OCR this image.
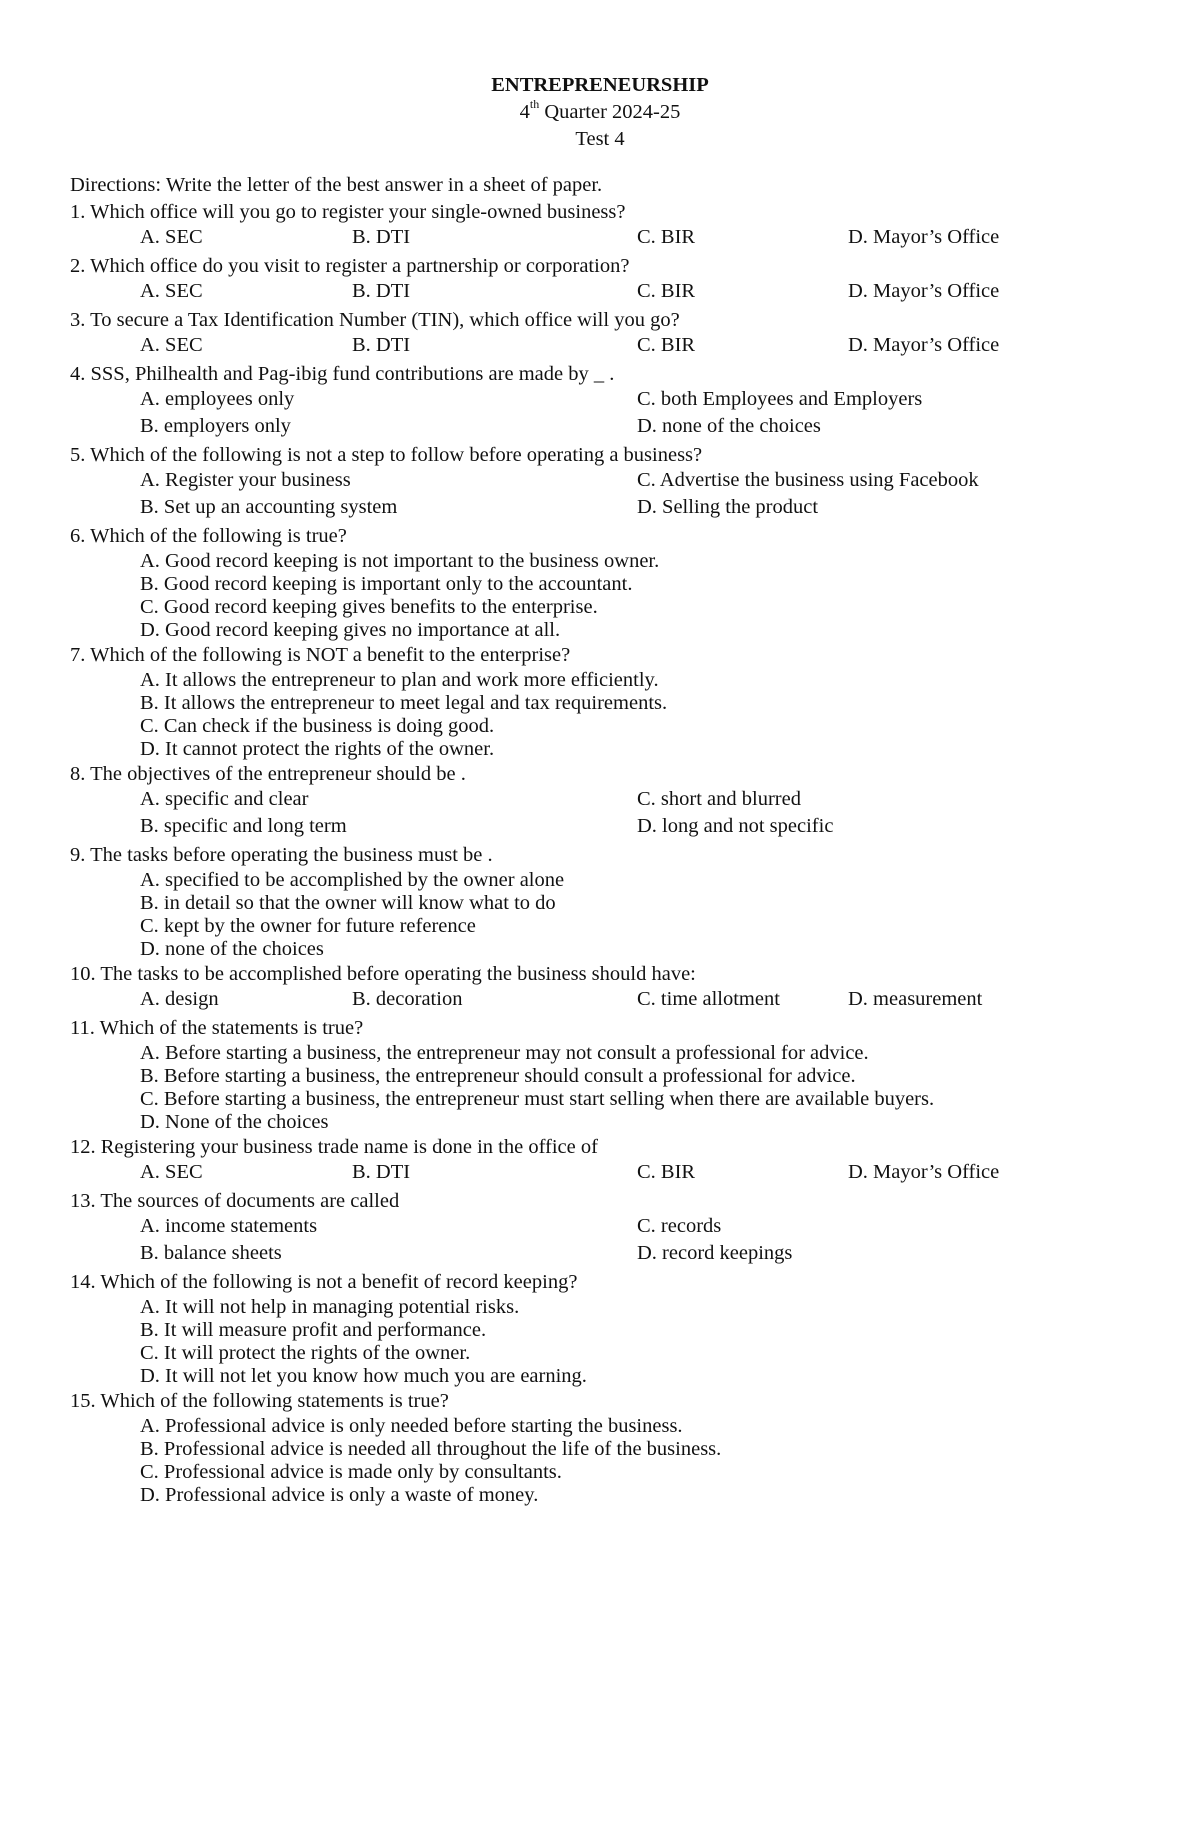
ENTREPRENEURSHIP
4th Quarter 2024-25
Test 4
Directions: Write the letter of the best answer in a sheet of paper.
1. Which office will you go to register your single-owned business?
A. SEC	B. DTI	C. BIR	D. Mayor’s Office
2. Which office do you visit to register a partnership or corporation?
A. SEC	B. DTI	C. BIR	D. Mayor’s Office
3. To secure a Tax Identification Number (TIN), which office will you go?
A. SEC	B. DTI	C. BIR	D. Mayor’s Office
4. SSS, Philhealth and Pag-ibig fund contributions are made by _ .
A. employees only	C. both Employees and Employers
B. employers only	D. none of the choices
5. Which of the following is not a step to follow before operating a business?
A. Register your business	C. Advertise the business using Facebook
B. Set up an accounting system	D. Selling the product
6. Which of the following is true?
A. Good record keeping is not important to the business owner.
B. Good record keeping is important only to the accountant.
C. Good record keeping gives benefits to the enterprise.
D. Good record keeping gives no importance at all.
7. Which of the following is NOT a benefit to the enterprise?
A. It allows the entrepreneur to plan and work more efficiently.
B. It allows the entrepreneur to meet legal and tax requirements.
C. Can check if the business is doing good.
D. It cannot protect the rights of the owner.
8. The objectives of the entrepreneur should be .
A. specific and clear	C. short and blurred
B. specific and long term	D. long and not specific
9. The tasks before operating the business must be .
A. specified to be accomplished by the owner alone
B. in detail so that the owner will know what to do
C. kept by the owner for future reference
D. none of the choices
10. The tasks to be accomplished before operating the business should have:
A. design	B. decoration	C. time allotment	D. measurement
11. Which of the statements is true?
A. Before starting a business, the entrepreneur may not consult a professional for advice.
B. Before starting a business, the entrepreneur should consult a professional for advice.
C. Before starting a business, the entrepreneur must start selling when there are available buyers.
D. None of the choices
12. Registering your business trade name is done in the office of
A. SEC	B. DTI	C. BIR	D. Mayor’s Office
13. The sources of documents are called
A. income statements	C. records
B. balance sheets	D. record keepings
14. Which of the following is not a benefit of record keeping?
A. It will not help in managing potential risks.
B. It will measure profit and performance.
C. It will protect the rights of the owner.
D. It will not let you know how much you are earning.
15. Which of the following statements is true?
A. Professional advice is only needed before starting the business.
B. Professional advice is needed all throughout the life of the business.
C. Professional advice is made only by consultants.
D. Professional advice is only a waste of money.
